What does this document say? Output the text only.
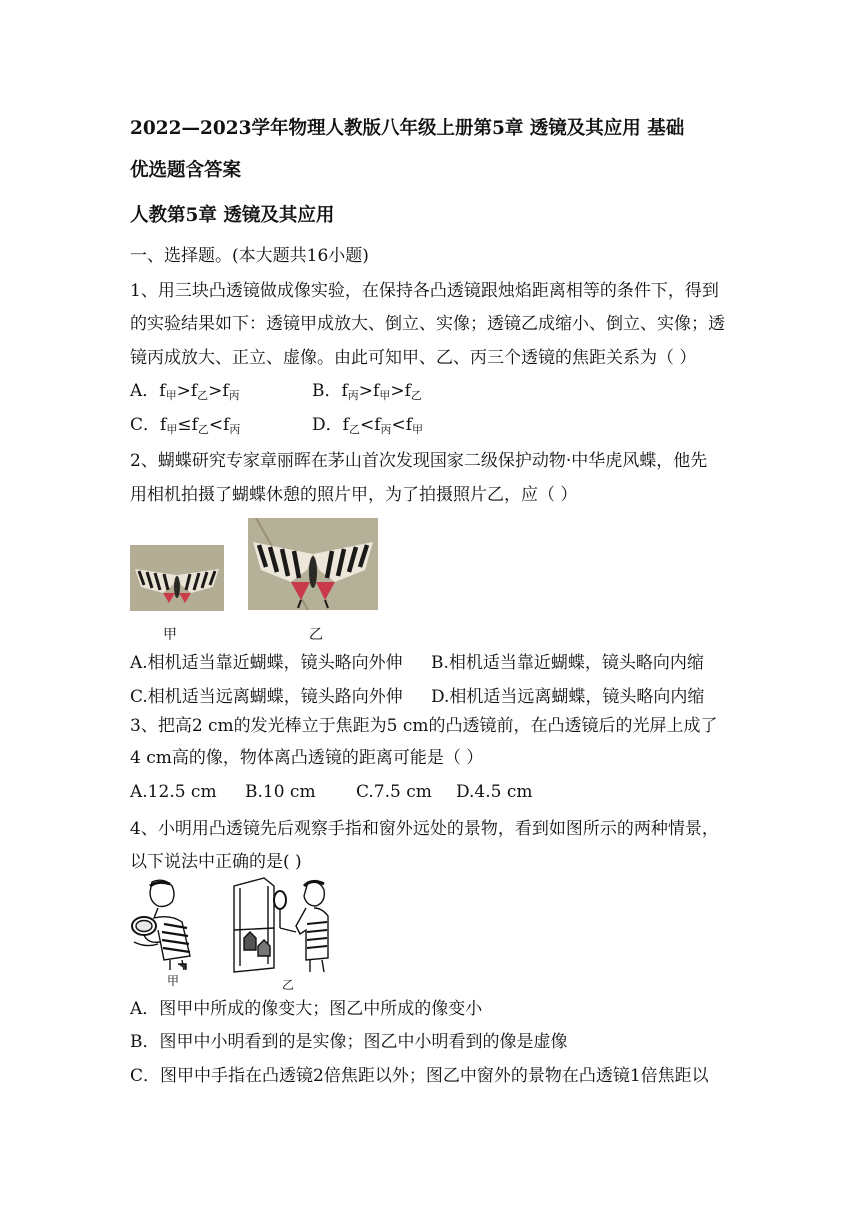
2022—2023学年物理人教版八年级上册第5章 透镜及其应用 基础
优选题含答案
人教第5章 透镜及其应用
一、选择题。(本大题共16小题)
1、用三块凸透镜做成像实验，在保持各凸透镜跟烛焰距离相等的条件下，得到
的实验结果如下：透镜甲成放大、倒立、实像；透镜乙成缩小、倒立、实像；透
镜丙成放大、正立、虚像。由此可知甲、乙、丙三个透镜的焦距关系为（ ）
A．$f_甲>f_乙>f_丙$	B．$f_丙>f_甲>f_乙$
C．$f_甲\le f_乙<f_丙$	D．$f_乙<f_丙<f_甲$
2、蝴蝶研究专家章丽晖在茅山首次发现国家二级保护动物·中华虎风蝶，他先
用相机拍摄了蝴蝶休憩的照片甲，为了拍摄照片乙，应（ ）
甲	乙
A.相机适当靠近蝴蝶，镜头略向外伸 B.相机适当靠近蝴蝶，镜头略向内缩
C.相机适当远离蝴蝶，镜头路向外伸 D.相机适当远离蝴蝶，镜头略向内缩
3、把高2 cm的发光棒立于焦距为5 cm的凸透镜前，在凸透镜后的光屏上成了
4 cm高的像，物体离凸透镜的距离可能是（ ）
A.12.5 cm B.10 cm C.7.5 cm D.4.5 cm
4、小明用凸透镜先后观察手指和窗外远处的景物，看到如图所示的两种情景，
以下说法中正确的是( )
甲	乙
A．图甲中所成的像变大；图乙中所成的像变小
B．图甲中小明看到的是实像；图乙中小明看到的像是虚像
C．图甲中手指在凸透镜2倍焦距以外；图乙中窗外的景物在凸透镜1倍焦距以
